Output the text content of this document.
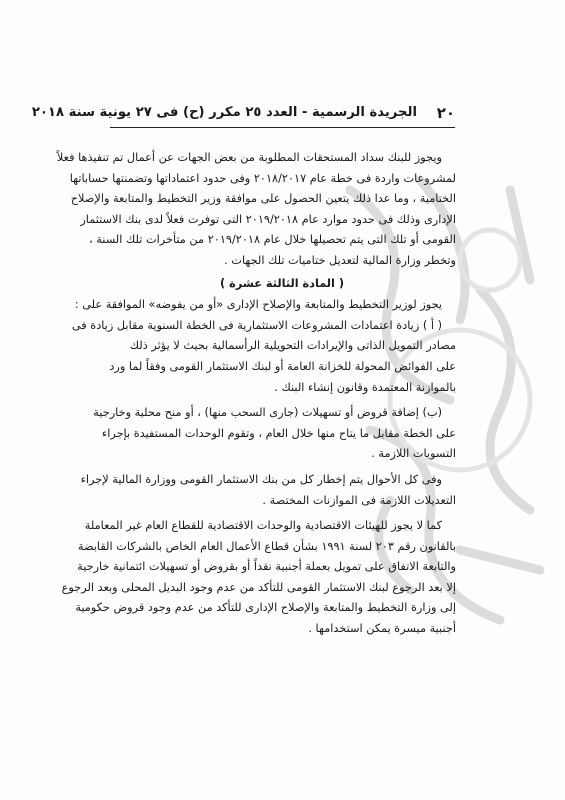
٢٠
الجريدة الرسمية - العدد ٢٥ مكرر (ح) فى ٢٧ يونية سنة ٢٠١٨

ويجوز للبنك سداد المستحقات المطلوبة من بعض الجهات عن أعمال تم تنفيذها فعلاً
لمشروعات واردة فى خطة عام ٢٠١٨/٢٠١٧ وفى حدود اعتماداتها وتضمنتها حساباتها
الختامية ، وما عدا ذلك يتعين الحصول على موافقة وزير التخطيط والمتابعة والإصلاح
الإدارى وذلك فى حدود موارد عام ٢٠١٩/٢٠١٨ التى توفرت فعلاً لدى بنك الاستثمار
القومى أو تلك التى يتم تحصيلها خلال عام ٢٠١٩/٢٠١٨ من متأخرات تلك السنة ،
وتخطر وزارة المالية لتعديل ختاميات تلك الجهات .

( المادة الثالثة عشرة )

يجوز لوزير التخطيط والمتابعة والإصلاح الإدارى «أو من يفوضه» الموافقة على :

( أ ) زيادة اعتمادات المشروعات الاستثمارية فى الخطة السنوية مقابل زيادة فى
مصادر التمويل الذاتى والإيرادات التحويلية الرأسمالية بحيث لا يؤثر ذلك
على الفوائض المحولة للخزانة العامة أو لبنك الاستثمار القومى وفقاً لما ورد
بالموازنة المعتمدة وقانون إنشاء البنك .

(ب) إضافة قروض أو تسهيلات (جارى السحب منها) ، أو منح محلية وخارجية
على الخطة مقابل ما يتاح منها خلال العام ، وتقوم الوحدات المستفيدة بإجراء
التسويات اللازمة .

وفى كل الأحوال يتم إخطار كل من بنك الاستثمار القومى ووزارة المالية لإجراء
التعديلات اللازمة فى الموازنات المختصة .

كما لا يجوز للهيئات الاقتصادية والوحدات الاقتصادية للقطاع العام غير المعاملة
بالقانون رقم ٢٠٣ لسنة ١٩٩١ بشأن قطاع الأعمال العام الخاص بالشركات القابضة
والتابعة الاتفاق على تمويل بعملة أجنبية نقداً أو بقروض أو تسهيلات ائتمانية خارجية
إلا بعد الرجوع لبنك الاستثمار القومى للتأكد من عدم وجود البديل المحلى وبعد الرجوع
إلى وزارة التخطيط والمتابعة والإصلاح الإدارى للتأكد من عدم وجود قروض حكومية
أجنبية ميسرة يمكن استخدامها .
